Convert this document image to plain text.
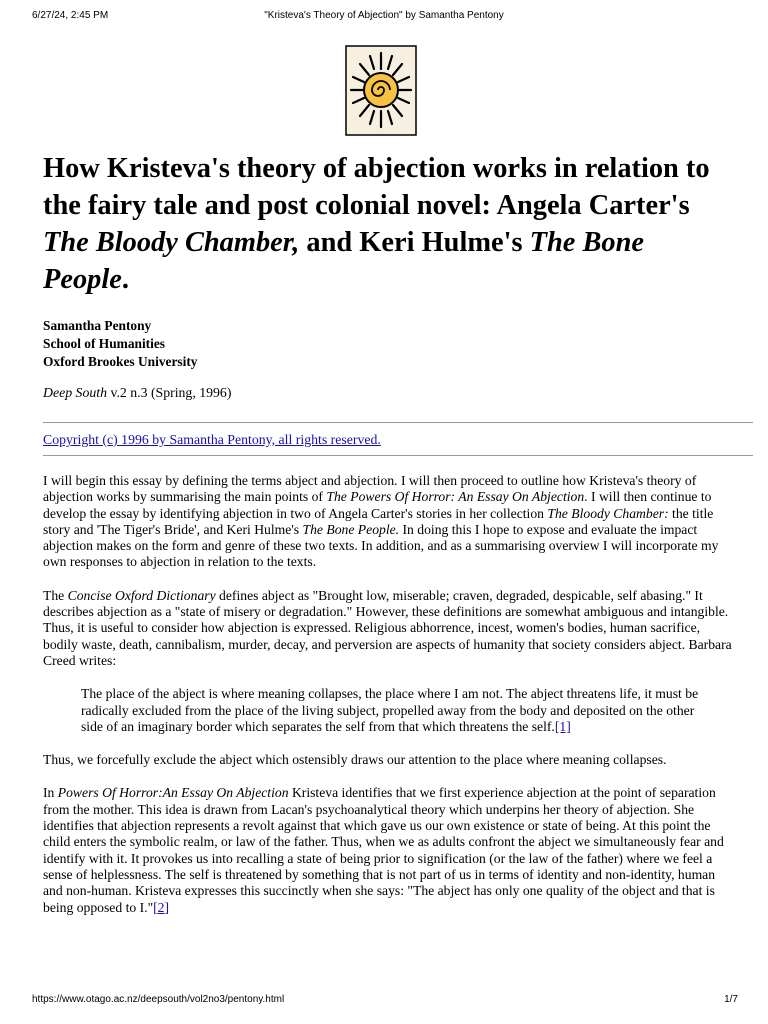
6/27/24, 2:45 PM	"Kristeva's Theory of Abjection" by Samantha Pentony
How Kristeva's theory of abjection works in relation to the fairy tale and post colonial novel: Angela Carter's The Bloody Chamber, and Keri Hulme's The Bone People.
Samantha Pentony
School of Humanities
Oxford Brookes University
Deep South v.2 n.3 (Spring, 1996)
Copyright (c) 1996 by Samantha Pentony, all rights reserved.

I will begin this essay by defining the terms abject and abjection. I will then proceed to outline how Kristeva's theory of abjection works by summarising the main points of The Powers Of Horror: An Essay On Abjection. I will then continue to develop the essay by identifying abjection in two of Angela Carter's stories in her collection The Bloody Chamber: the title story and 'The Tiger's Bride', and Keri Hulme's The Bone People. In doing this I hope to expose and evaluate the impact abjection makes on the form and genre of these two texts. In addition, and as a summarising overview I will incorporate my own responses to abjection in relation to the texts.

The Concise Oxford Dictionary defines abject as "Brought low, miserable; craven, degraded, despicable, self abasing." It describes abjection as a "state of misery or degradation." However, these definitions are somewhat ambiguous and intangible. Thus, it is useful to consider how abjection is expressed. Religious abhorrence, incest, women's bodies, human sacrifice, bodily waste, death, cannibalism, murder, decay, and perversion are aspects of humanity that society considers abject. Barbara Creed writes:

The place of the abject is where meaning collapses, the place where I am not. The abject threatens life, it must be radically excluded from the place of the living subject, propelled away from the body and deposited on the other side of an imaginary border which separates the self from that which threatens the self.[1]

Thus, we forcefully exclude the abject which ostensibly draws our attention to the place where meaning collapses.

In Powers Of Horror:An Essay On Abjection Kristeva identifies that we first experience abjection at the point of separation from the mother. This idea is drawn from Lacan's psychoanalytical theory which underpins her theory of abjection. She identifies that abjection represents a revolt against that which gave us our own existence or state of being. At this point the child enters the symbolic realm, or law of the father. Thus, when we as adults confront the abject we simultaneously fear and identify with it. It provokes us into recalling a state of being prior to signification (or the law of the father) where we feel a sense of helplessness. The self is threatened by something that is not part of us in terms of identity and non-identity, human and non-human. Kristeva expresses this succinctly when she says: "The abject has only one quality of the object and that is being opposed to I."[2]

https://www.otago.ac.nz/deepsouth/vol2no3/pentony.html	1/7
